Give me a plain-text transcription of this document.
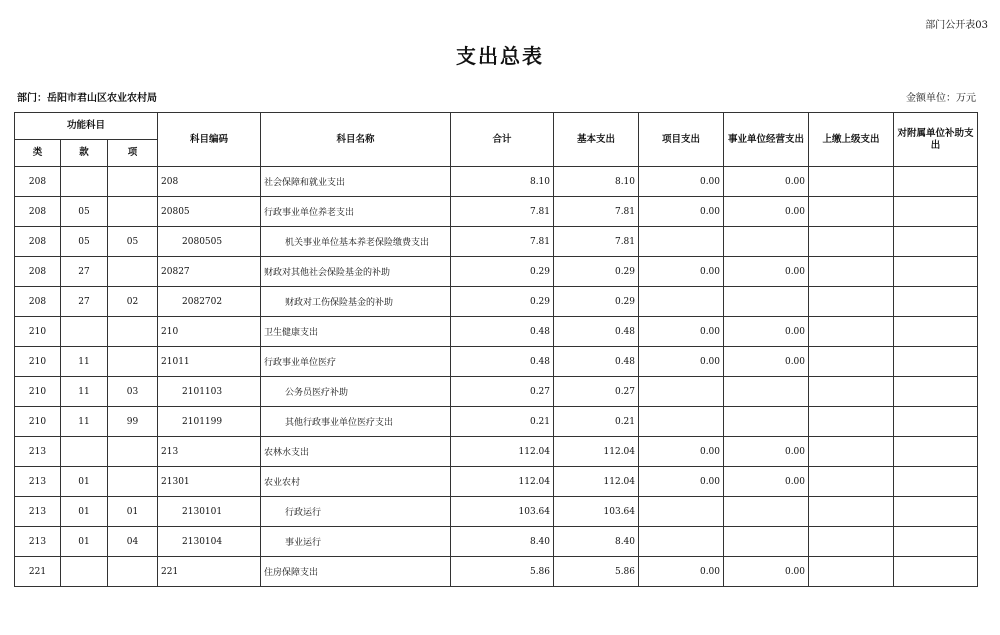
部门公开表03
支出总表
部门：岳阳市君山区农业农村局	金额单位：万元
功能科目			科目编码	科目名称	合计	基本支出	项目支出	事业单位经营支出	上缴上级支出	对附属单位补助支出
类	款	项								
208			208	社会保障和就业支出	8.10	8.10	0.00	0.00		
208	05		20805	行政事业单位养老支出	7.81	7.81	0.00	0.00		
208	05	05	2080505	机关事业单位基本养老保险缴费支出	7.81	7.81				
208	27		20827	财政对其他社会保险基金的补助	0.29	0.29	0.00	0.00		
208	27	02	2082702	财政对工伤保险基金的补助	0.29	0.29				
210			210	卫生健康支出	0.48	0.48	0.00	0.00		
210	11		21011	行政事业单位医疗	0.48	0.48	0.00	0.00		
210	11	03	2101103	公务员医疗补助	0.27	0.27				
210	11	99	2101199	其他行政事业单位医疗支出	0.21	0.21				
213			213	农林水支出	112.04	112.04	0.00	0.00		
213	01		21301	农业农村	112.04	112.04	0.00	0.00		
213	01	01	2130101	行政运行	103.64	103.64				
213	01	04	2130104	事业运行	8.40	8.40				
221			221	住房保障支出	5.86	5.86	0.00	0.00		
